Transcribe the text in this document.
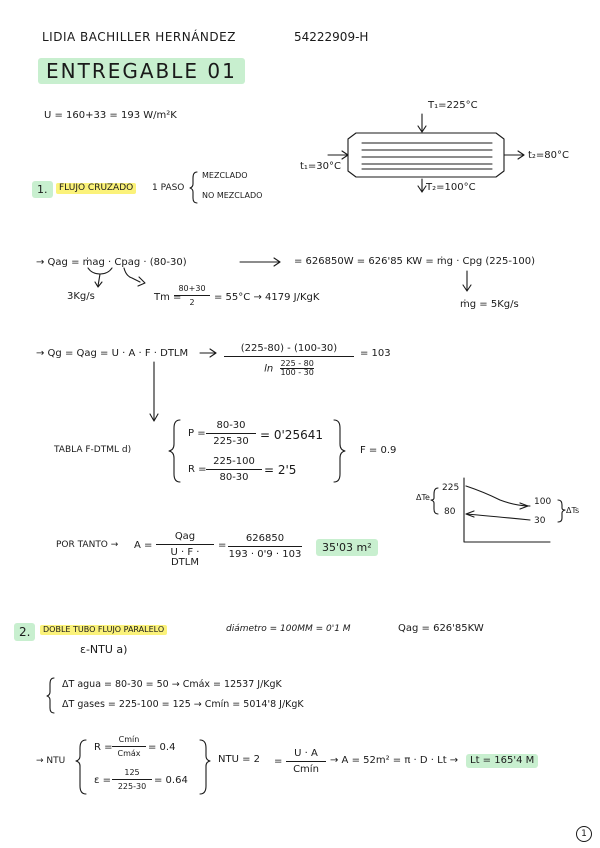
LIDIA BACHILLER HERNÁNDEZ	54222909-H
ENTREGABLE 01
U = 160+33 = 193 W/m²K
1.	FLUJO CRUZADO	1 PASO
MEZCLADO
NO MEZCLADO
T₁=225°C
T₂=100°C
t₁=30°C
t₂=80°C
→ Qag = ṁag · Cpag · (80-30)	= 626850W = 626'85 KW = ṁg · Cpg (225-100)
3Kg/s	Tm =
$\frac{80+30}{2} = 55^\circ C \to 4179$ J/KgK
ṁg = 5Kg/s
→ Qg = Qag = U · A · F · DTLM	$\frac{(225-80) - (100-30)}{\ln \frac{225 - 80}{100 - 30}} = 103$
TABLA F-DTML d)
$P = \frac{80-30}{225-30} = 0'25641$
$R = \frac{225-100}{80-30} = 2'5$
F = 0.9
225
80
ΔTe	100
30
ΔTs
POR TANTO → A =
Qag
U · F · DTLM
= $\frac{626850}{193 \cdot 0'9 \cdot 103}$	35'03 m²
2.	DOBLE TUBO FLUJO PARALELO	diámetro = 100MM = 0'1 M	Qag = 626'85KW
ε-NTU a)
ΔT agua = 80-30 = 50 → Cmáx = 12537 J/KgK
ΔT gases = 225-100 = 125 → Cmín = 5014'8 J/KgK
→ NTU
R =
Cmín
Cmáx
= 0.4
$\varepsilon = \frac{125}{225-30} = 0.64$
NTU = 2 =
U · A
Cmín
→ A = 52m² = π · D · Lt →	Lt = 165'4 M
1
